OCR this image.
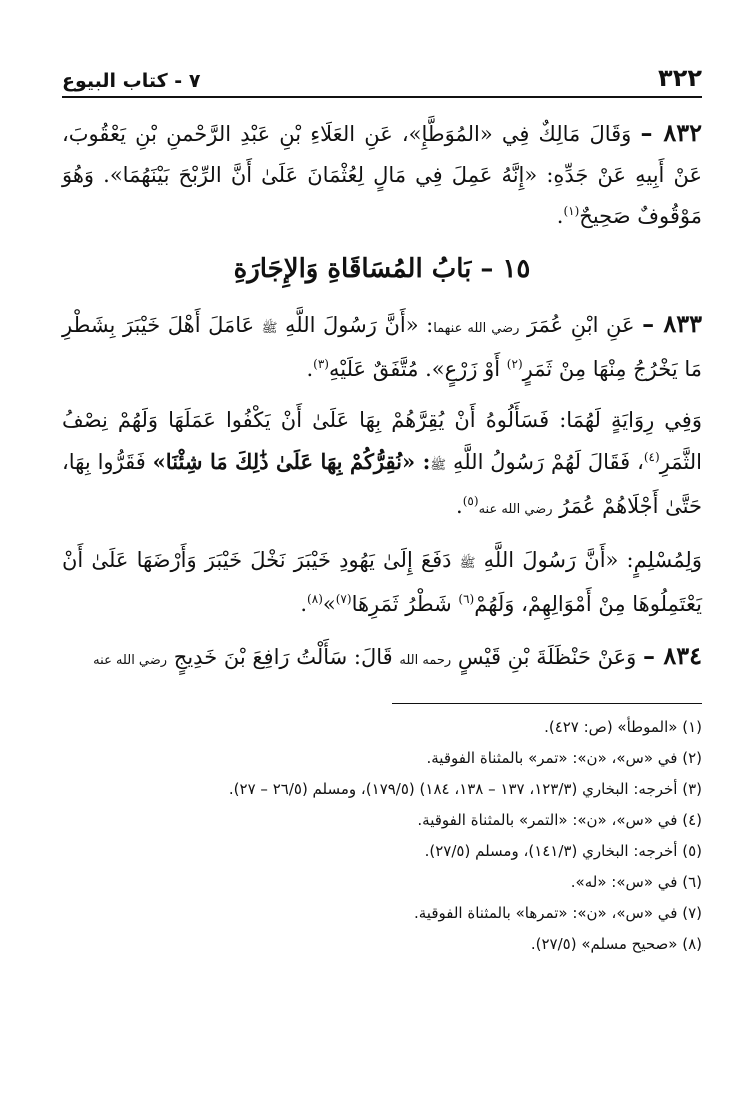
٣٢٢
٧ - كتاب البيوع

٨٣٢ – وَقَالَ مَالِكٌ فِي «المُوَطَّإِ»، عَنِ العَلَاءِ بْنِ عَبْدِ الرَّحْمنِ بْنِ يَعْقُوبَ، عَنْ أَبِيهِ عَنْ جَدِّهِ: «إِنَّهُ عَمِلَ فِي مَالٍ لِعُثْمَانَ عَلَىٰ أَنَّ الرِّبْحَ بَيْنَهُمَا». وَهُوَ مَوْقُوفٌ صَحِيحٌ$^{(١)}$.

١٥ – بَابُ المُسَاقَاةِ وَالإِجَارَةِ

٨٣٣ – عَنِ ابْنِ عُمَرَ رضي الله عنهما: «أَنَّ رَسُولَ اللَّهِ ﷺ عَامَلَ أَهْلَ خَيْبَرَ بِشَطْرِ مَا يَخْرُجُ مِنْهَا مِنْ ثَمَرٍ$^{(٢)}$ أَوْ زَرْعٍ». مُتَّفَقٌ عَلَيْهِ$^{(٣)}$.

وَفِي رِوَايَةٍ لَهُمَا: فَسَأَلُوهُ أَنْ يُقِرَّهُمْ بِهَا عَلَىٰ أَنْ يَكْفُوا عَمَلَهَا وَلَهُمْ نِصْفُ الثَّمَرِ$^{(٤)}$، فَقَالَ لَهُمْ رَسُولُ اللَّهِ ﷺ: «نُقِرُّكُمْ بِهَا عَلَىٰ ذَٰلِكَ مَا شِئْنَا» فَقَرُّوا بِهَا، حَتَّىٰ أَجْلَاهُمْ عُمَرُ رضي الله عنه$^{(٥)}$.

وَلِمُسْلِمٍ: «أَنَّ رَسُولَ اللَّهِ ﷺ دَفَعَ إِلَىٰ يَهُودِ خَيْبَرَ نَخْلَ خَيْبَرَ وَأَرْضَهَا عَلَىٰ أَنْ يَعْتَمِلُوهَا مِنْ أَمْوَالِهِمْ، وَلَهُمْ$^{(٦)}$ شَطْرُ ثَمَرِهَا$^{(٧)}$»$^{(٨)}$.

٨٣٤ – وَعَنْ حَنْظَلَةَ بْنِ قَيْسٍ رحمه الله قَالَ: سَأَلْتُ رَافِعَ بْنَ خَدِيجٍ رضي الله عنه

(١) «الموطأ» (ص: ٤٢٧).

(٢) في «س»، «ن»: «تمر» بالمثناة الفوقية.

(٣) أخرجه: البخاري (١٢٣/٣، ١٣٧ – ١٣٨، ١٨٤) (١٧٩/٥)، ومسلم (٢٦/٥ – ٢٧).

(٤) في «س»، «ن»: «التمر» بالمثناة الفوقية.

(٥) أخرجه: البخاري (١٤١/٣)، ومسلم (٢٧/٥).

(٦) في «س»: «له».

(٧) في «س»، «ن»: «تمرها» بالمثناة الفوقية.

(٨) «صحيح مسلم» (٢٧/٥).
